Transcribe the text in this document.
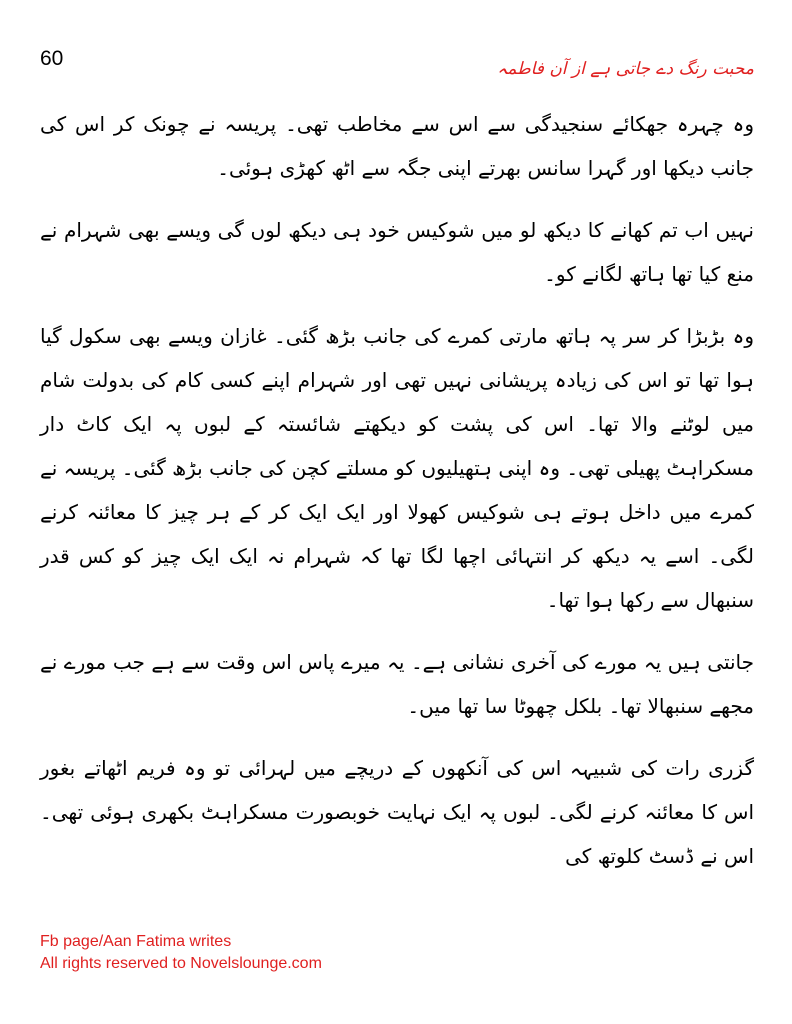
60	محبت رنگ دے جاتی ہے از آن فاطمہ

وہ چہرہ جھکائے سنجیدگی سے اس سے مخاطب تھی۔ پریسہ نے چونک کر اس کی جانب دیکھا اور گہرا سانس بھرتے اپنی جگہ سے اٹھ کھڑی ہوئی۔

نہیں اب تم کھانے کا دیکھ لو میں شوکیس خود ہی دیکھ لوں گی ویسے بھی شہرام نے منع کیا تھا ہاتھ لگانے کو۔

وہ بڑبڑا کر سر پہ ہاتھ مارتی کمرے کی جانب بڑھ گئی۔ غازان ویسے بھی سکول گیا ہوا تھا تو اس کی زیادہ پریشانی نہیں تھی اور شہرام اپنے کسی کام کی بدولت شام میں لوٹنے والا تھا۔ اس کی پشت کو دیکھتے شائستہ کے لبوں پہ ایک کاٹ دار مسکراہٹ پھیلی تھی۔ وہ اپنی ہتھیلیوں کو مسلتے کچن کی جانب بڑھ گئی۔ پریسہ نے کمرے میں داخل ہوتے ہی شوکیس کھولا اور ایک ایک کر کے ہر چیز کا معائنہ کرنے لگی۔ اسے یہ دیکھ کر انتہائی اچھا لگا تھا کہ شہرام نہ ایک ایک چیز کو کس قدر سنبھال سے رکھا ہوا تھا۔

جانتی ہیں یہ مورے کی آخری نشانی ہے۔ یہ میرے پاس اس وقت سے ہے جب مورے نے مجھے سنبھالا تھا۔ بلکل چھوٹا سا تھا میں۔

گزری رات کی شبیہہ اس کی آنکھوں کے دریچے میں لہرائی تو وہ فریم اٹھاتے بغور اس کا معائنہ کرنے لگی۔ لبوں پہ ایک نہایت خوبصورت مسکراہٹ بکھری ہوئی تھی۔ اس نے ڈسٹ کلوتھ کی

Fb page/Aan Fatima writes
All rights reserved to Novelslounge.com
